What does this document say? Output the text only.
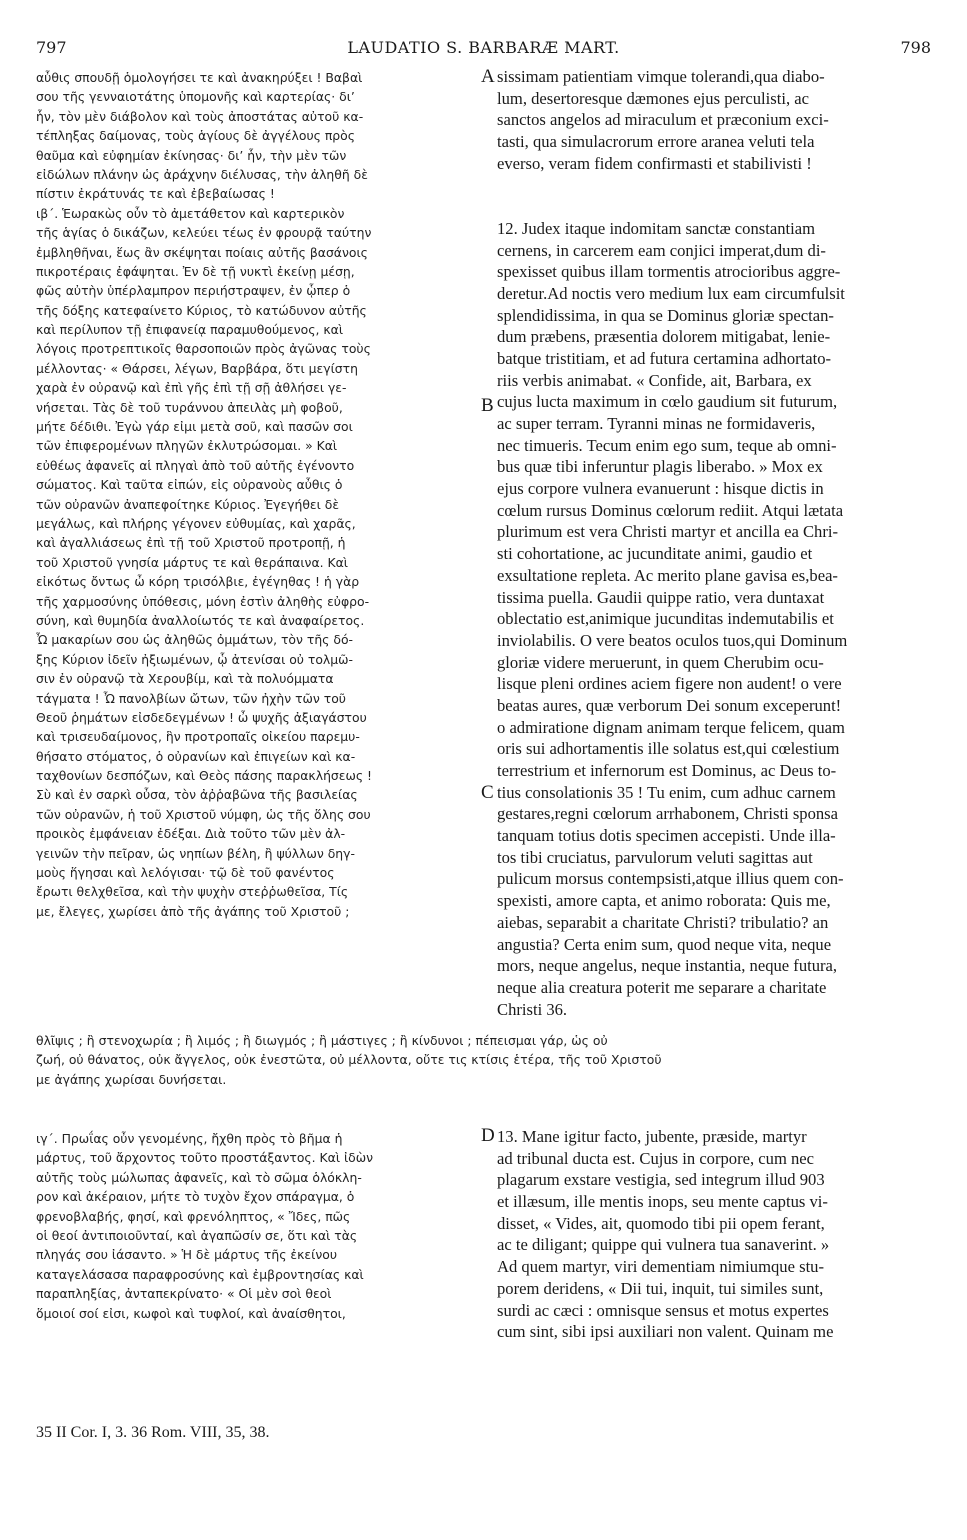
797	LAUDATIO S. BARBARÆ MART.	798
αὖθις σπουδῇ ὁμολογήσει τε καὶ ἀνακηρύξει ! Βαβαὶ
σου τῆς γενναιοτάτης ὑπομονῆς καὶ καρτερίας· δι’
ἧν, τὸν μὲν διάβολον καὶ τοὺς ἀποστάτας αὐτοῦ κα-
τέπληξας δαίμονας, τοὺς ἁγίους δὲ ἀγγέλους πρὸς
θαῦμα καὶ εὐφημίαν ἐκίνησας· δι’ ἧν, τὴν μὲν τῶν
εἰδώλων πλάνην ὡς ἀράχνην διέλυσας, τὴν ἀληθῆ δὲ
πίστιν ἐκράτυνάς τε καὶ ἐβεβαίωσας !
ιβ΄. Ἑωρακὼς οὖν τὸ ἀμετάθετον καὶ καρτερικὸν
τῆς ἁγίας ὁ δικάζων, κελεύει τέως ἐν φρουρᾷ ταύτην
ἐμβληθῆναι, ἕως ἂν σκέψηται ποίαις αὐτῆς βασάνοις
πικροτέραις ἐφάψηται. Ἐν δὲ τῇ νυκτὶ ἐκείνῃ μέσῃ,
φῶς αὐτὴν ὑπέρλαμπρον περιήστραψεν, ἐν ᾧπερ ὁ
τῆς δόξης κατεφαίνετο Κύριος, τὸ κατώδυνον αὐτῆς
καὶ περίλυπον τῇ ἐπιφανείᾳ παραμυθούμενος, καὶ
λόγοις προτρεπτικοῖς θαρσοποιῶν πρὸς ἀγῶνας τοὺς
μέλλοντας· « Θάρσει, λέγων, Βαρβάρα, ὅτι μεγίστη
χαρὰ ἐν οὐρανῷ καὶ ἐπὶ γῆς ἐπὶ τῇ σῇ ἀθλήσει γε-
νήσεται. Τὰς δὲ τοῦ τυράννου ἀπειλὰς μὴ φοβοῦ,
μήτε δέδιθι. Ἐγὼ γάρ εἰμι μετὰ σοῦ, καὶ πασῶν σοι
τῶν ἐπιφερομένων πληγῶν ἐκλυτρώσομαι. » Καὶ
εὐθέως ἀφανεῖς αἱ πληγαὶ ἀπὸ τοῦ αὐτῆς ἐγένοντο
σώματος. Καὶ ταῦτα εἰπών, εἰς οὐρανοὺς αὖθις ὁ
τῶν οὐρανῶν ἀναπεφοίτηκε Κύριος. Ἐγεγήθει δὲ
μεγάλως, καὶ πλήρης γέγονεν εὐθυμίας, καὶ χαρᾶς,
καὶ ἀγαλλιάσεως ἐπὶ τῇ τοῦ Χριστοῦ προτροπῇ, ἡ
τοῦ Χριστοῦ γνησία μάρτυς τε καὶ θεράπαινα. Καὶ
εἰκότως ὄντως ὦ κόρη τρισόλβιε, ἐγέγηθας ! ἡ γὰρ
τῆς χαρμοσύνης ὑπόθεσις, μόνη ἐστὶν ἀληθὴς εὐφρο-
σύνη, καὶ θυμηδία ἀναλλοίωτός τε καὶ ἀναφαίρετος.
Ὦ μακαρίων σου ὡς ἀληθῶς ὀμμάτων, τὸν τῆς δό-
ξης Κύριον ἰδεῖν ἠξιωμένων, ᾧ ἀτενίσαι οὐ τολμῶ-
σιν ἐν οὐρανῷ τὰ Χερουβίμ, καὶ τὰ πολυόμματα
τάγματα ! Ὦ πανολβίων ὤτων, τῶν ἠχὴν τῶν τοῦ
Θεοῦ ῥημάτων εἰσδεδεγμένων ! ὦ ψυχῆς ἀξιαγάστου
καὶ τρισευδαίμονος, ἣν προτροπαῖς οἰκείου παρεμυ-
θήσατο στόματος, ὁ οὐρανίων καὶ ἐπιγείων καὶ κα-
ταχθονίων δεσπόζων, καὶ Θεὸς πάσης παρακλήσεως !
Σὺ καὶ ἐν σαρκὶ οὖσα, τὸν ἀῤῥαβῶνα τῆς βασιλείας
τῶν οὐρανῶν, ἡ τοῦ Χριστοῦ νύμφη, ὡς τῆς ὅλης σου
προικὸς ἐμφάνειαν ἐδέξαι. Διὰ τοῦτο τῶν μὲν ἀλ-
γεινῶν τὴν πεῖραν, ὡς νηπίων βέλη, ἢ ψύλλων δηγ-
μοὺς ἥγησαι καὶ λελόγισαι· τῷ δὲ τοῦ φανέντος
ἔρωτι θελχθεῖσα, καὶ τὴν ψυχὴν στεῤῥωθεῖσα, Τίς
με, ἔλεγες, χωρίσει ἀπὸ τῆς ἀγάπης τοῦ Χριστοῦ ;
sissimam patientiam vimque tolerandi,qua diabo-
lum, desertoresque dæmones ejus perculisti, ac
sanctos angelos ad miraculum et præconium exci-
tasti, qua simulacrorum errore aranea veluti tela
everso, veram fidem confirmasti et stabilivisti !
12. Judex itaque indomitam sanctæ constantiam
cernens, in carcerem eam conjici imperat,dum di-
spexisset quibus illam tormentis atrocioribus aggre-
deretur.Ad noctis vero medium lux eam circumfulsit
splendidissima, in qua se Dominus gloriæ spectan-
dum præbens, præsentia dolorem mitigabat, lenie-
batque tristitiam, et ad futura certamina adhortato-
riis verbis animabat. « Confide, ait, Barbara, ex
cujus lucta maximum in cœlo gaudium sit futurum,
ac super terram. Tyranni minas ne formidaveris,
nec timueris. Tecum enim ego sum, teque ab omni-
bus quæ tibi inferuntur plagis liberabo. » Mox ex
ejus corpore vulnera evanuerunt : hisque dictis in
cœlum rursus Dominus cœlorum rediit. Atqui lætata
plurimum est vera Christi martyr et ancilla ea Chri-
sti cohortatione, ac jucunditate animi, gaudio et
exsultatione repleta. Ac merito plane gavisa es,bea-
tissima puella. Gaudii quippe ratio, vera duntaxat
oblectatio est,animique jucunditas indemutabilis et
inviolabilis. O vere beatos oculos tuos,qui Dominum
gloriæ videre meruerunt, in quem Cherubim ocu-
lisque pleni ordines aciem figere non audent! o vere
beatas aures, quæ verborum Dei sonum exceperunt!
o admiratione dignam animam terque felicem, quam
oris sui adhortamentis ille solatus est,qui cœlestium
terrestrium et infernorum est Dominus, ac Deus to-
tius consolationis 35 ! Tu enim, cum adhuc carnem
gestares,regni cœlorum arrhabonem, Christi sponsa
tanquam totius dotis specimen accepisti. Unde illa-
tos tibi cruciatus, parvulorum veluti sagittas aut
pulicum morsus contempsisti,atque illius quem con-
spexisti, amore capta, et animo roborata: Quis me,
aiebas, separabit a charitate Christi? tribulatio? an
angustia? Certa enim sum, quod neque vita, neque
mors, neque angelus, neque instantia, neque futura,
neque alia creatura poterit me separare a charitate
Christi 36.
A
B
C
D
θλῖψις ; ἢ στενοχωρία ; ἢ λιμός ; ἢ διωγμός ; ἢ μάστιγες ; ἢ κίνδυνοι ; πέπεισμαι γάρ, ὡς οὐ
ζωή, οὐ θάνατος, οὐκ ἄγγελος, οὐκ ἐνεστῶτα, οὐ μέλλοντα, οὔτε τις κτίσις ἑτέρα, τῆς τοῦ Χριστοῦ
με ἀγάπης χωρίσαι δυνήσεται.
ιγ΄. Πρωΐας οὖν γενομένης, ἤχθη πρὸς τὸ βῆμα ἡ
μάρτυς, τοῦ ἄρχοντος τοῦτο προστάξαντος. Καὶ ἰδὼν
αὐτῆς τοὺς μώλωπας ἀφανεῖς, καὶ τὸ σῶμα ὁλόκλη-
ρον καὶ ἀκέραιον, μήτε τὸ τυχὸν ἔχον σπάραγμα, ὁ
φρενοβλαβής, φησί, καὶ φρενόληπτος, « Ἴδες, πῶς
οἱ θεοί ἀντιποιοῦνταί, καὶ ἀγαπῶσίν σε, ὅτι καὶ τὰς
πληγάς σου ἰάσαντο. » Ἡ δὲ μάρτυς τῆς ἐκείνου
καταγελάσασα παραφροσύνης καὶ ἐμβροντησίας καὶ
παραπληξίας, ἀνταπεκρίνατο· « Οἱ μὲν σοὶ θεοὶ
ὅμοιοί σοί εἰσι, κωφοὶ καὶ τυφλοί, καὶ ἀναίσθητοι,
13. Mane igitur facto, jubente, præside, martyr
ad tribunal ducta est. Cujus in corpore, cum nec
plagarum exstare vestigia, sed integrum illud 903
et illæsum, ille mentis inops, seu mente captus vi-
disset, « Vides, ait, quomodo tibi pii opem ferant,
ac te diligant; quippe qui vulnera tua sanaverint. »
Ad quem martyr, viri dementiam nimiumque stu-
porem deridens, « Dii tui, inquit, tui similes sunt,
surdi ac cæci : omnisque sensus et motus expertes
cum sint, sibi ipsi auxiliari non valent. Quinam me
35 II Cor. I, 3. 36 Rom. VIII, 35, 38.
